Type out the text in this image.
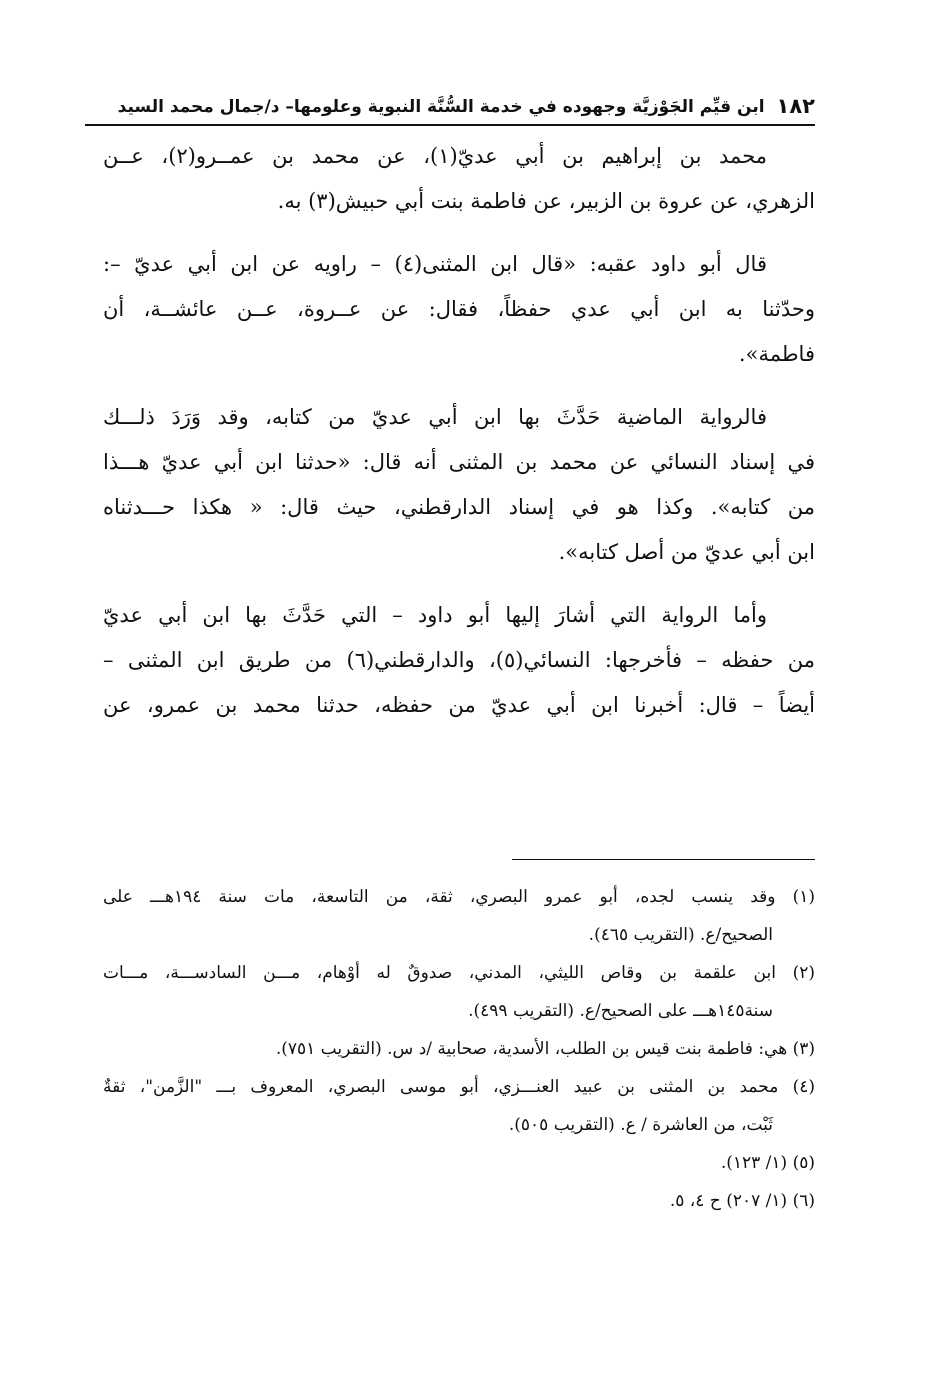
١٨٢
ابن قيِّم الجَوْزيَّة وجهوده في خدمة السُّنَّة النبوية وعلومها– د/جمال محمد السيد
محمد بن إبراهيم بن أبي عديّ(١)، عن محمد بن عمــرو(٢)، عــن
الزهري، عن عروة بن الزبير، عن فاطمة بنت أبي حبيش(٣) به.
قال أبو داود عقبه: «قال ابن المثنى(٤) – راويه عن ابن أبي عديّ –:
وحدّثنا به ابن أبي عدي حفظاً، فقال: عن عــروة، عــن عائشــة، أن
فاطمة».
فالرواية الماضية حَدَّثَ بها ابن أبي عديّ من كتابه، وقد وَرَدَ ذلـــك
في إسناد النسائي عن محمد بن المثنى أنه قال: «حدثنا ابن أبي عديّ هـــذا
من كتابه». وكذا هو في إسناد الدارقطني، حيث قال: « هكذا حـــدثناه
ابن أبي عديّ من أصل كتابه».
وأما الرواية التي أشارَ إليها أبو داود – التي حَدَّثَ بها ابن أبي عديّ
من حفظه – فأخرجها: النسائي(٥)، والدارقطني(٦) من طريق ابن المثنى –
أيضاً – قال: أخبرنا ابن أبي عديّ من حفظه، حدثنا محمد بن عمرو، عن
(١) وقد ينسب لجده، أبو عمرو البصري، ثقة، من التاسعة، مات سنة ١٩٤هـــ على
الصحيح/ع. (التقريب ٤٦٥).
(٢) ابن علقمة بن وقاص الليثي، المدني، صدوقٌ له أوْهام، مـــن السادســـة، مـــات
سنة١٤٥هـــ على الصحيح/ع. (التقريب ٤٩٩).
(٣) هي: فاطمة بنت قيس بن الطلب، الأسدية، صحابية /د س. (التقريب ٧٥١).
(٤) محمد بن المثنى بن عبيد العنـــزي، أبو موسى البصري، المعروف بـــ "الزَّمن"، ثقةٌ
ثَبْت، من العاشرة / ع. (التقريب ٥٠٥).
(٥) (١/ ١٢٣).
(٦) (١/ ٢٠٧) ح ٤، ٥.
